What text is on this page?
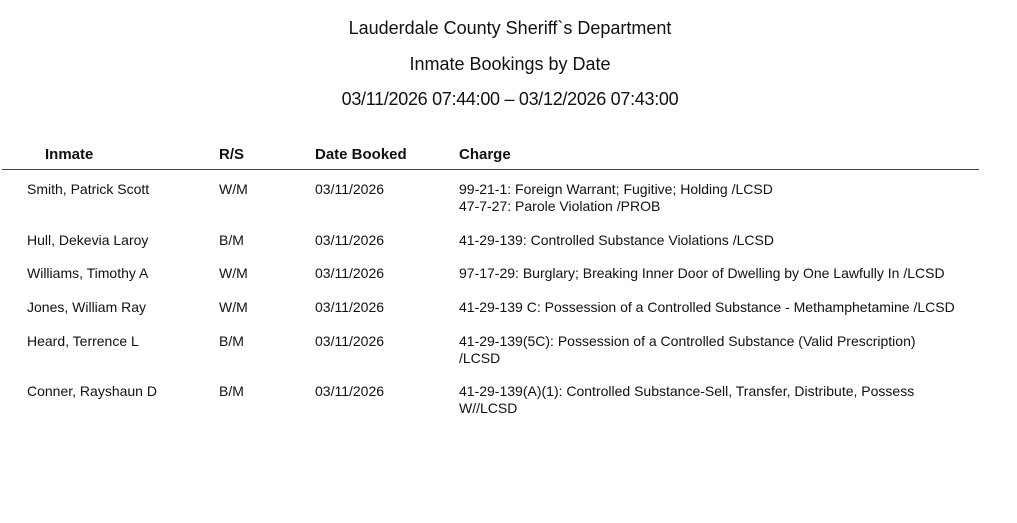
Lauderdale County Sheriff`s Department
Inmate Bookings by Date
03/11/2026 07:44:00 – 03/12/2026 07:43:00
Inmate	R/S	Date Booked	Charge
Smith, Patrick Scott	W/M	03/11/2026	99-21-1: Foreign Warrant; Fugitive; Holding /LCSD
47-7-27: Parole Violation /PROB
Hull, Dekevia Laroy	B/M	03/11/2026	41-29-139: Controlled Substance Violations /LCSD
Williams, Timothy A	W/M	03/11/2026	97-17-29: Burglary; Breaking Inner Door of Dwelling by One Lawfully In /LCSD
Jones, William Ray	W/M	03/11/2026	41-29-139 C: Possession of a Controlled Substance - Methamphetamine /LCSD
Heard, Terrence L	B/M	03/11/2026	41-29-139(5C): Possession of a Controlled Substance (Valid Prescription)
/LCSD
Conner, Rayshaun D	B/M	03/11/2026	41-29-139(A)(1): Controlled Substance-Sell, Transfer, Distribute, Possess
W//LCSD
